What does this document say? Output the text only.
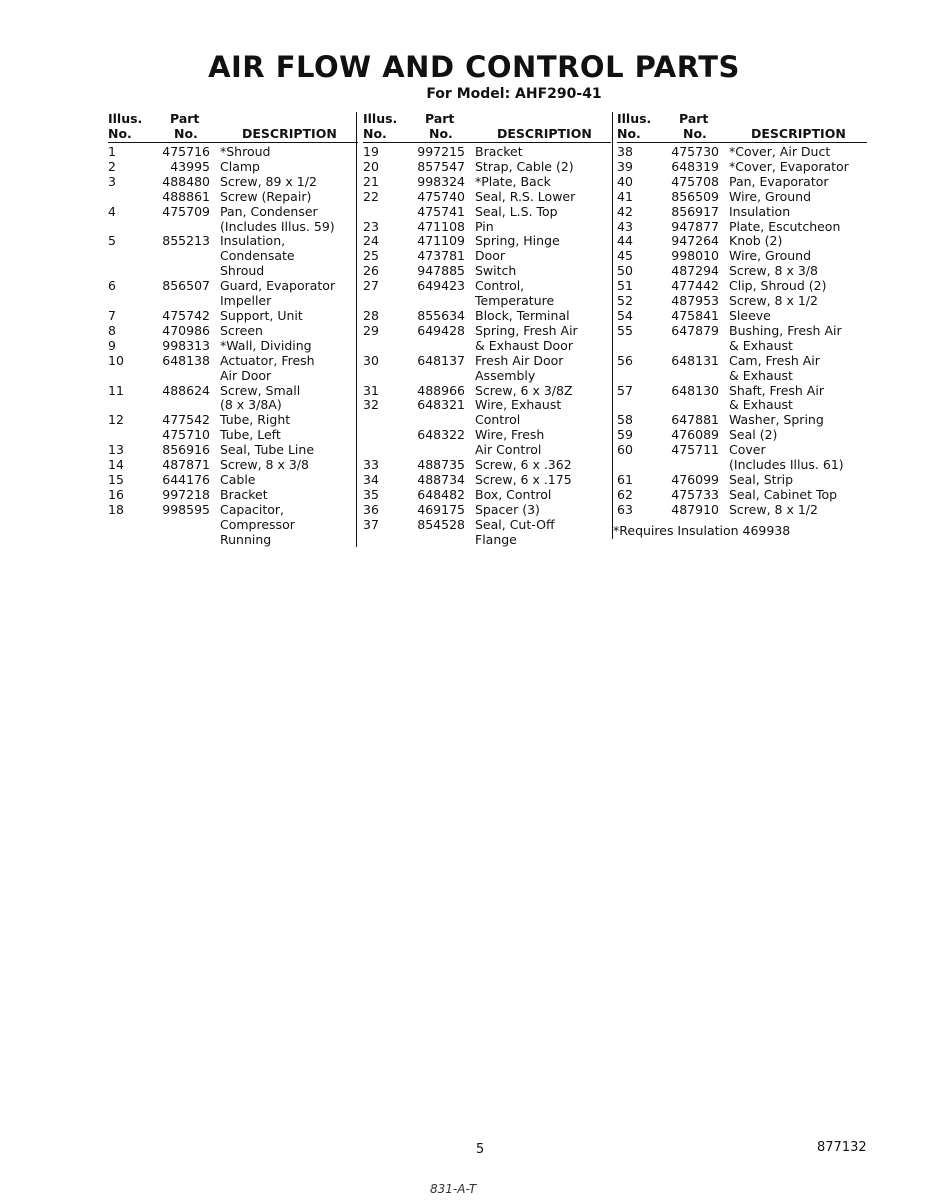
AIR FLOW AND CONTROL PARTS
For Model: AHF290-41
Illus.
No.
Part
No.	DESCRIPTION
1	475716 *Shroud
2	43995 Clamp
3	488480 Screw, 89 x 1/2
488861 Screw (Repair)
4	475709 Pan, Condenser
(Includes Illus. 59)
5	855213 Insulation,
Condensate
Shroud
6	856507 Guard, Evaporator
Impeller
7	475742 Support, Unit
8	470986 Screen
9	998313 *Wall, Dividing
10	648138 Actuator, Fresh
Air Door
11	488624 Screw, Small
(8 x 3/8A)
12	477542 Tube, Right
475710 Tube, Left
13	856916 Seal, Tube Line
14	487871 Screw, 8 x 3/8
15	644176 Cable
16	997218 Bracket
18	998595 Capacitor,
Compressor
Running
Illus.
No.
Part
No.	DESCRIPTION
19	997215 Bracket
20	857547 Strap, Cable (2)
21	998324 *Plate, Back
22	475740 Seal, R.S. Lower
475741 Seal, L.S. Top
23	471108 Pin
24	471109 Spring, Hinge
25	473781 Door
26	947885 Switch
27	649423 Control,
Temperature
28	855634 Block, Terminal
29	649428 Spring, Fresh Air
& Exhaust Door
30	648137 Fresh Air Door
Assembly
31	488966 Screw, 6 x 3/8Z
32	648321 Wire, Exhaust
Control
648322 Wire, Fresh
Air Control
33	488735 Screw, 6 x .362
34	488734 Screw, 6 x .175
35	648482 Box, Control
36	469175 Spacer (3)
37	854528 Seal, Cut-Off
Flange
Illus.
No.
Part
No.	DESCRIPTION
38	475730 *Cover, Air Duct
39	648319 *Cover, Evaporator
40	475708 Pan, Evaporator
41	856509 Wire, Ground
42	856917 Insulation
43	947877 Plate, Escutcheon
44	947264 Knob (2)
45	998010 Wire, Ground
50	487294 Screw, 8 x 3/8
51	477442 Clip, Shroud (2)
52	487953 Screw, 8 x 1/2
54	475841 Sleeve
55	647879 Bushing, Fresh Air
& Exhaust
56	648131 Cam, Fresh Air
& Exhaust
57	648130 Shaft, Fresh Air
& Exhaust
58	647881 Washer, Spring
59	476089 Seal (2)
60	475711 Cover
(Includes Illus. 61)
61	476099 Seal, Strip
62	475733 Seal, Cabinet Top
63	487910 Screw, 8 x 1/2
*Requires Insulation 469938
5	877132
831-A-T
